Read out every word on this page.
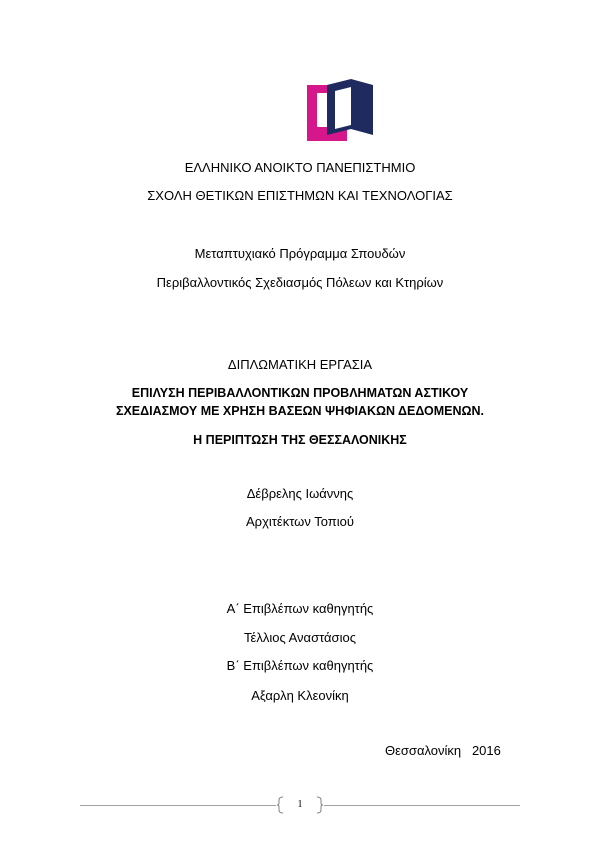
ΕΛΛΗΝΙΚΟ ΑΝΟΙΚΤΟ ΠΑΝΕΠΙΣΤΗΜΙΟ
ΣΧΟΛΗ ΘΕΤΙΚΩΝ ΕΠΙΣΤΗΜΩΝ ΚΑΙ ΤΕΧΝΟΛΟΓΙΑΣ
Μεταπτυχιακό Πρόγραμμα Σπουδών
Περιβαλλοντικός Σχεδιασμός Πόλεων και Κτηρίων
ΔΙΠΛΩΜΑΤΙΚΗ ΕΡΓΑΣΙΑ
ΕΠΙΛΥΣΗ ΠΕΡΙΒΑΛΛΟΝΤΙΚΩΝ ΠΡΟΒΛΗΜΑΤΩΝ ΑΣΤΙΚΟΥ
ΣΧΕΔΙΑΣΜΟΥ ΜΕ ΧΡΗΣΗ ΒΑΣΕΩΝ ΨΗΦΙΑΚΩΝ ΔΕΔΟΜΕΝΩΝ.
Η ΠΕΡΙΠΤΩΣΗ ΤΗΣ ΘΕΣΣΑΛΟΝΙΚΗΣ
Δέβρελης Ιωάννης
Αρχιτέκτων Τοπιού
Α΄ Επιβλέπων καθηγητής
Τέλλιος Αναστάσιος
Β΄ Επιβλέπων καθηγητής
Αξαρλη Κλεονίκη
Θεσσαλονίκη   2016
1
